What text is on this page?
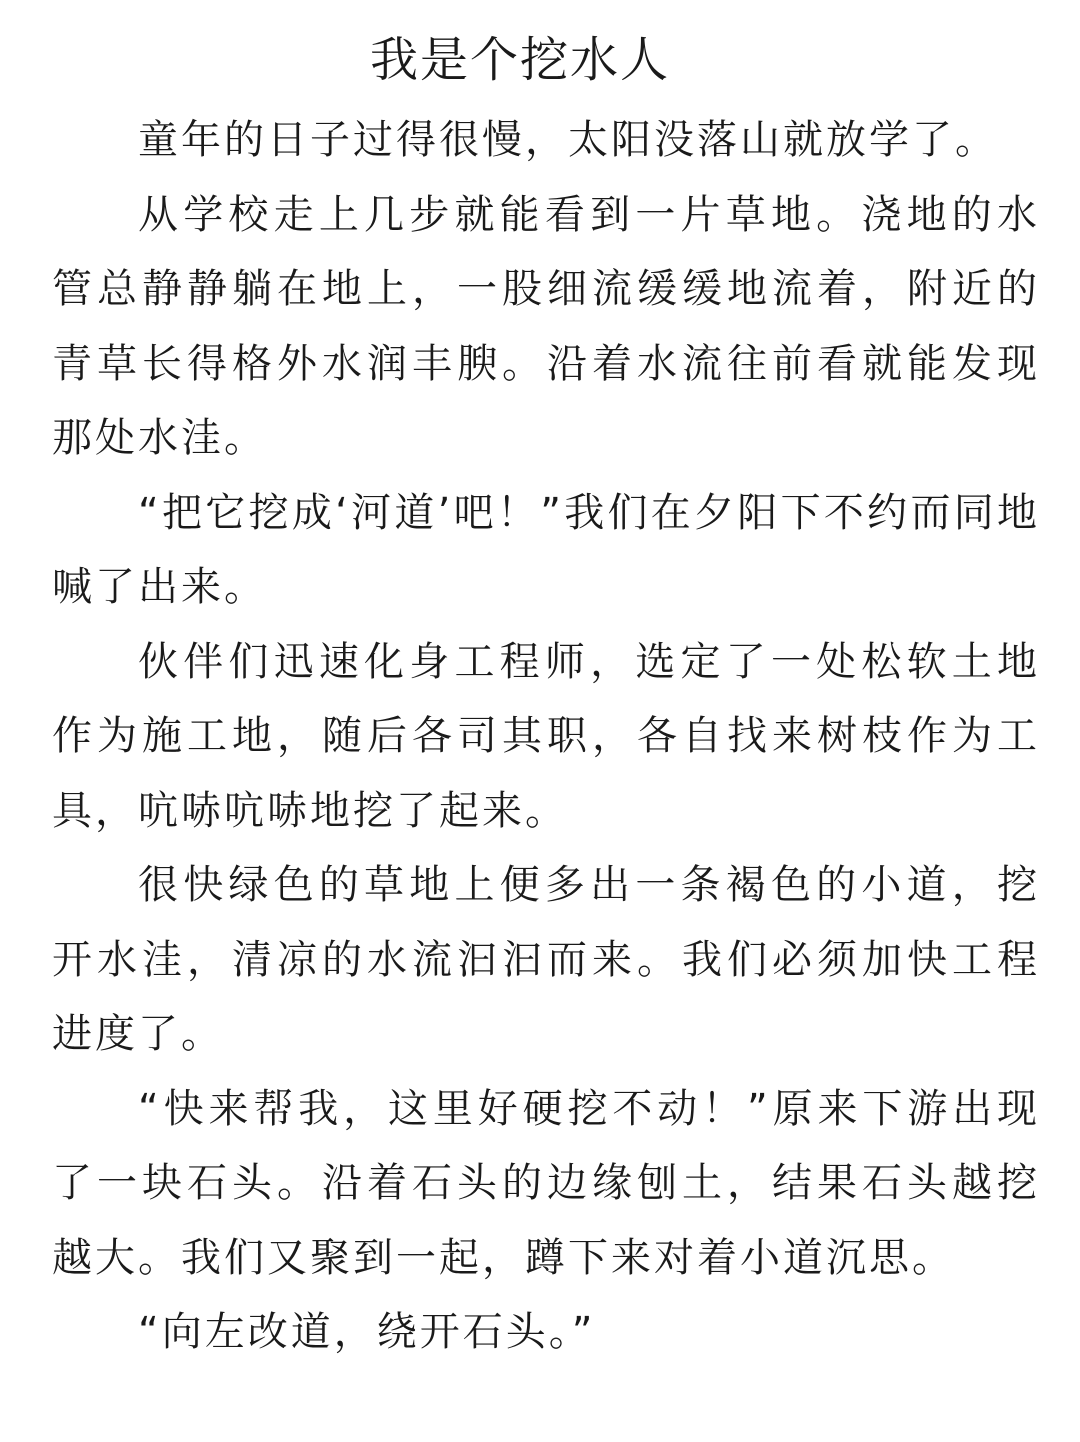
我是个挖水人

童年的日子过得很慢，太阳没落山就放学了。

从学校走上几步就能看到一片草地。浇地的水管总静静躺在地上，一股细流缓缓地流着，附近的青草长得格外水润丰腴。沿着水流往前看就能发现那处水洼。

“把它挖成‘河道’吧！”我们在夕阳下不约而同地喊了出来。

伙伴们迅速化身工程师，选定了一处松软土地作为施工地，随后各司其职，各自找来树枝作为工具，吭哧吭哧地挖了起来。

很快绿色的草地上便多出一条褐色的小道，挖开水洼，清凉的水流汩汩而来。我们必须加快工程进度了。

“快来帮我，这里好硬挖不动！”原来下游出现了一块石头。沿着石头的边缘刨土，结果石头越挖越大。我们又聚到一起，蹲下来对着小道沉思。

“向左改道，绕开石头。”
